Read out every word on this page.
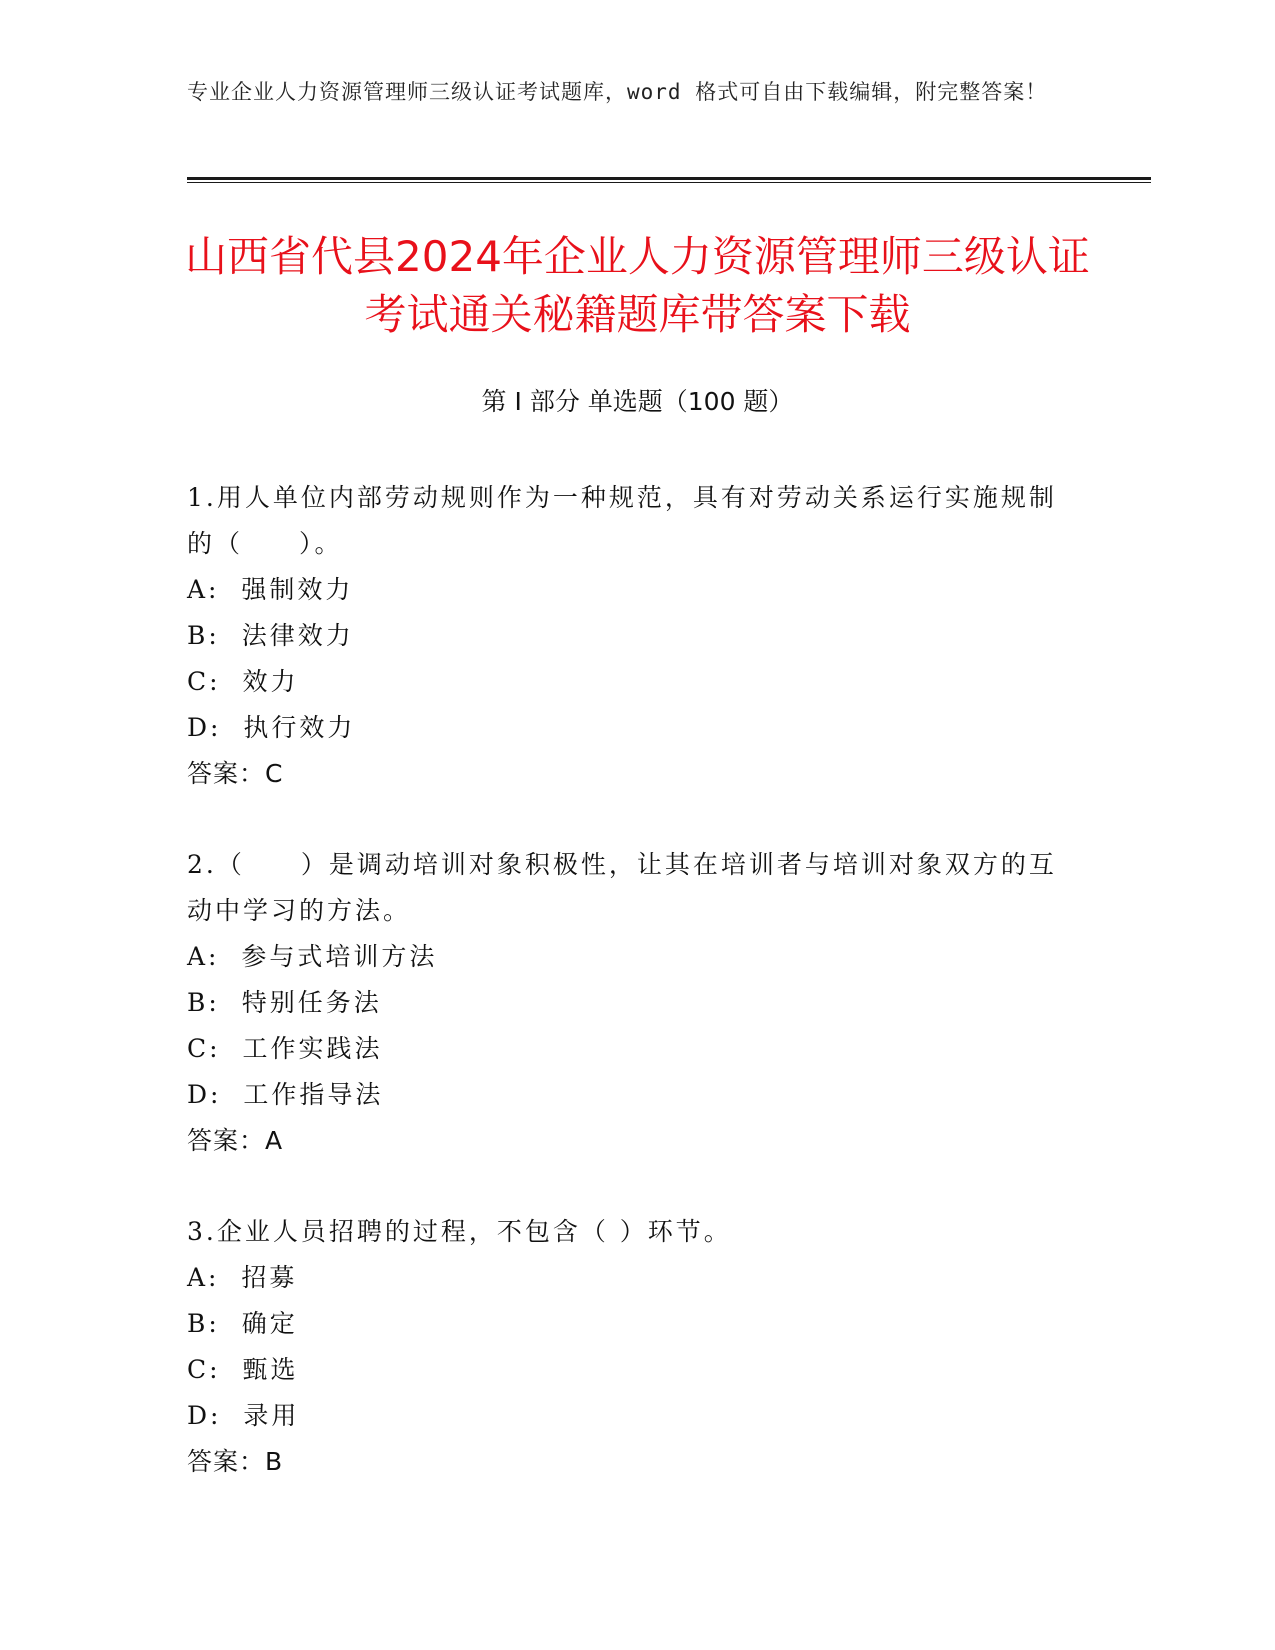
专业企业人力资源管理师三级认证考试题库，word 格式可自由下载编辑，附完整答案！
山西省代县2024年企业人力资源管理师三级认证考试通关秘籍题库带答案下载
第 I 部分 单选题（100 题）
1.用人单位内部劳动规则作为一种规范，具有对劳动关系运行实施规制的（　　）。
A:  强制效力
B:  法律效力
C:  效力
D:  执行效力
答案：C
2.（　　）是调动培训对象积极性，让其在培训者与培训对象双方的互动中学习的方法。
A:  参与式培训方法
B:  特别任务法
C:  工作实践法
D:  工作指导法
答案：A
3.企业人员招聘的过程，不包含（ ）环节。
A:  招募
B:  确定
C:  甄选
D:  录用
答案：B
